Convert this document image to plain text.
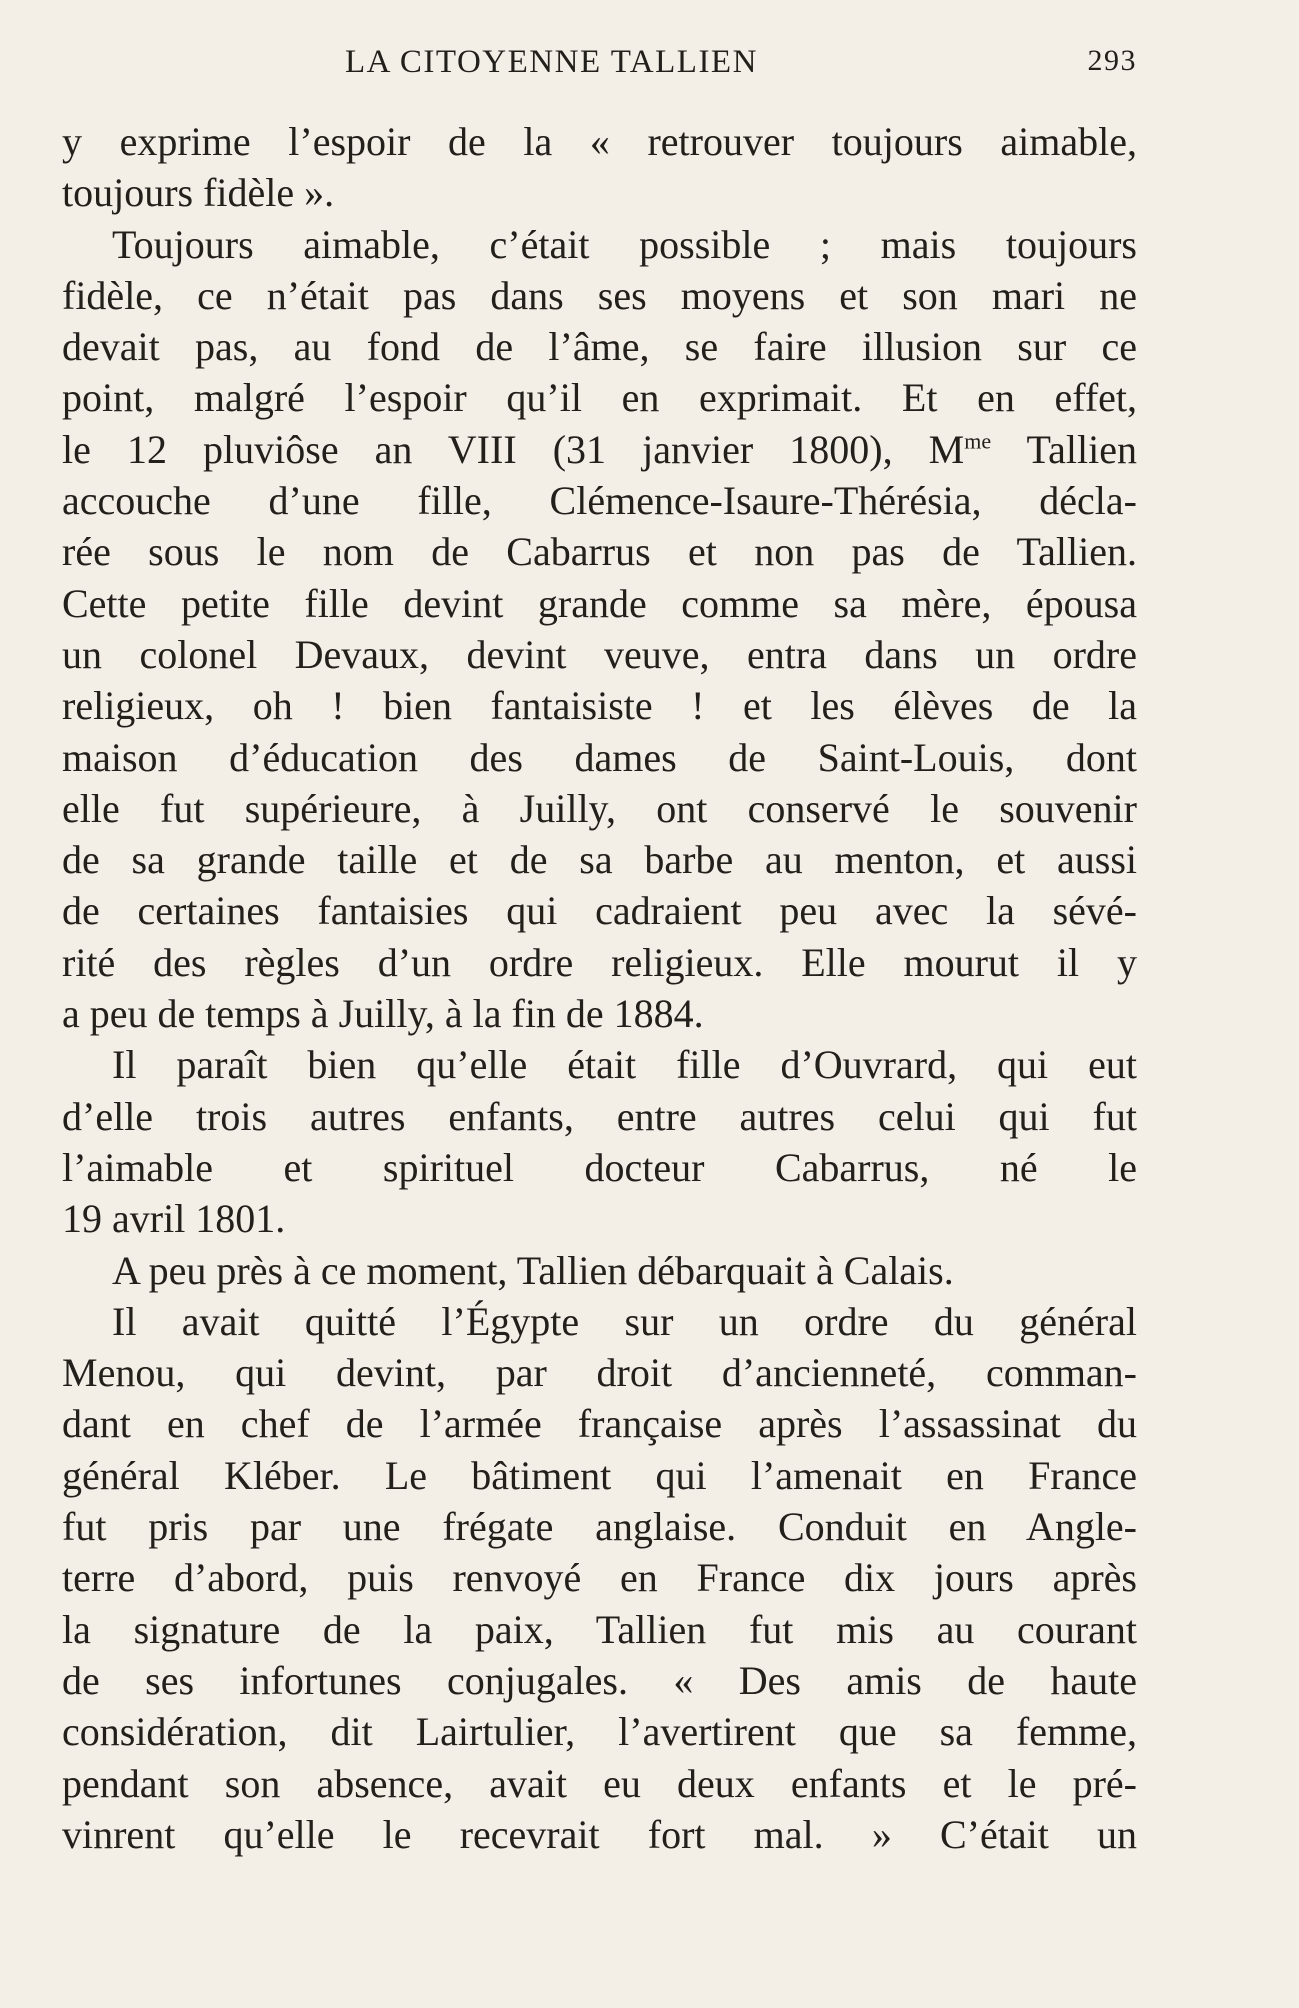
LA CITOYENNE TALLIEN	293
y exprime l’espoir de la « retrouver toujours aimable,
toujours fidèle ».
Toujours aimable, c’était possible ; mais toujours
fidèle, ce n’était pas dans ses moyens et son mari ne
devait pas, au fond de l’âme, se faire illusion sur ce
point, malgré l’espoir qu’il en exprimait. Et en effet,
le 12 pluviôse an VIII (31 janvier 1800), $M^{me}$ Tallien
accouche d’une fille, Clémence-Isaure-Thérésia, décla-
rée sous le nom de Cabarrus et non pas de Tallien.
Cette petite fille devint grande comme sa mère, épousa
un colonel Devaux, devint veuve, entra dans un ordre
religieux, oh ! bien fantaisiste ! et les élèves de la
maison d’éducation des dames de Saint-Louis, dont
elle fut supérieure, à Juilly, ont conservé le souvenir
de sa grande taille et de sa barbe au menton, et aussi
de certaines fantaisies qui cadraient peu avec la sévé-
rité des règles d’un ordre religieux. Elle mourut il y
a peu de temps à Juilly, à la fin de 1884.
Il paraît bien qu’elle était fille d’Ouvrard, qui eut
d’elle trois autres enfants, entre autres celui qui fut
l’aimable et spirituel docteur Cabarrus, né le
19 avril 1801.
A peu près à ce moment, Tallien débarquait à Calais.
Il avait quitté l’Égypte sur un ordre du général
Menou, qui devint, par droit d’ancienneté, comman-
dant en chef de l’armée française après l’assassinat du
général Kléber. Le bâtiment qui l’amenait en France
fut pris par une frégate anglaise. Conduit en Angle-
terre d’abord, puis renvoyé en France dix jours après
la signature de la paix, Tallien fut mis au courant
de ses infortunes conjugales. « Des amis de haute
considération, dit Lairtulier, l’avertirent que sa femme,
pendant son absence, avait eu deux enfants et le pré-
vinrent qu’elle le recevrait fort mal. » C’était un
